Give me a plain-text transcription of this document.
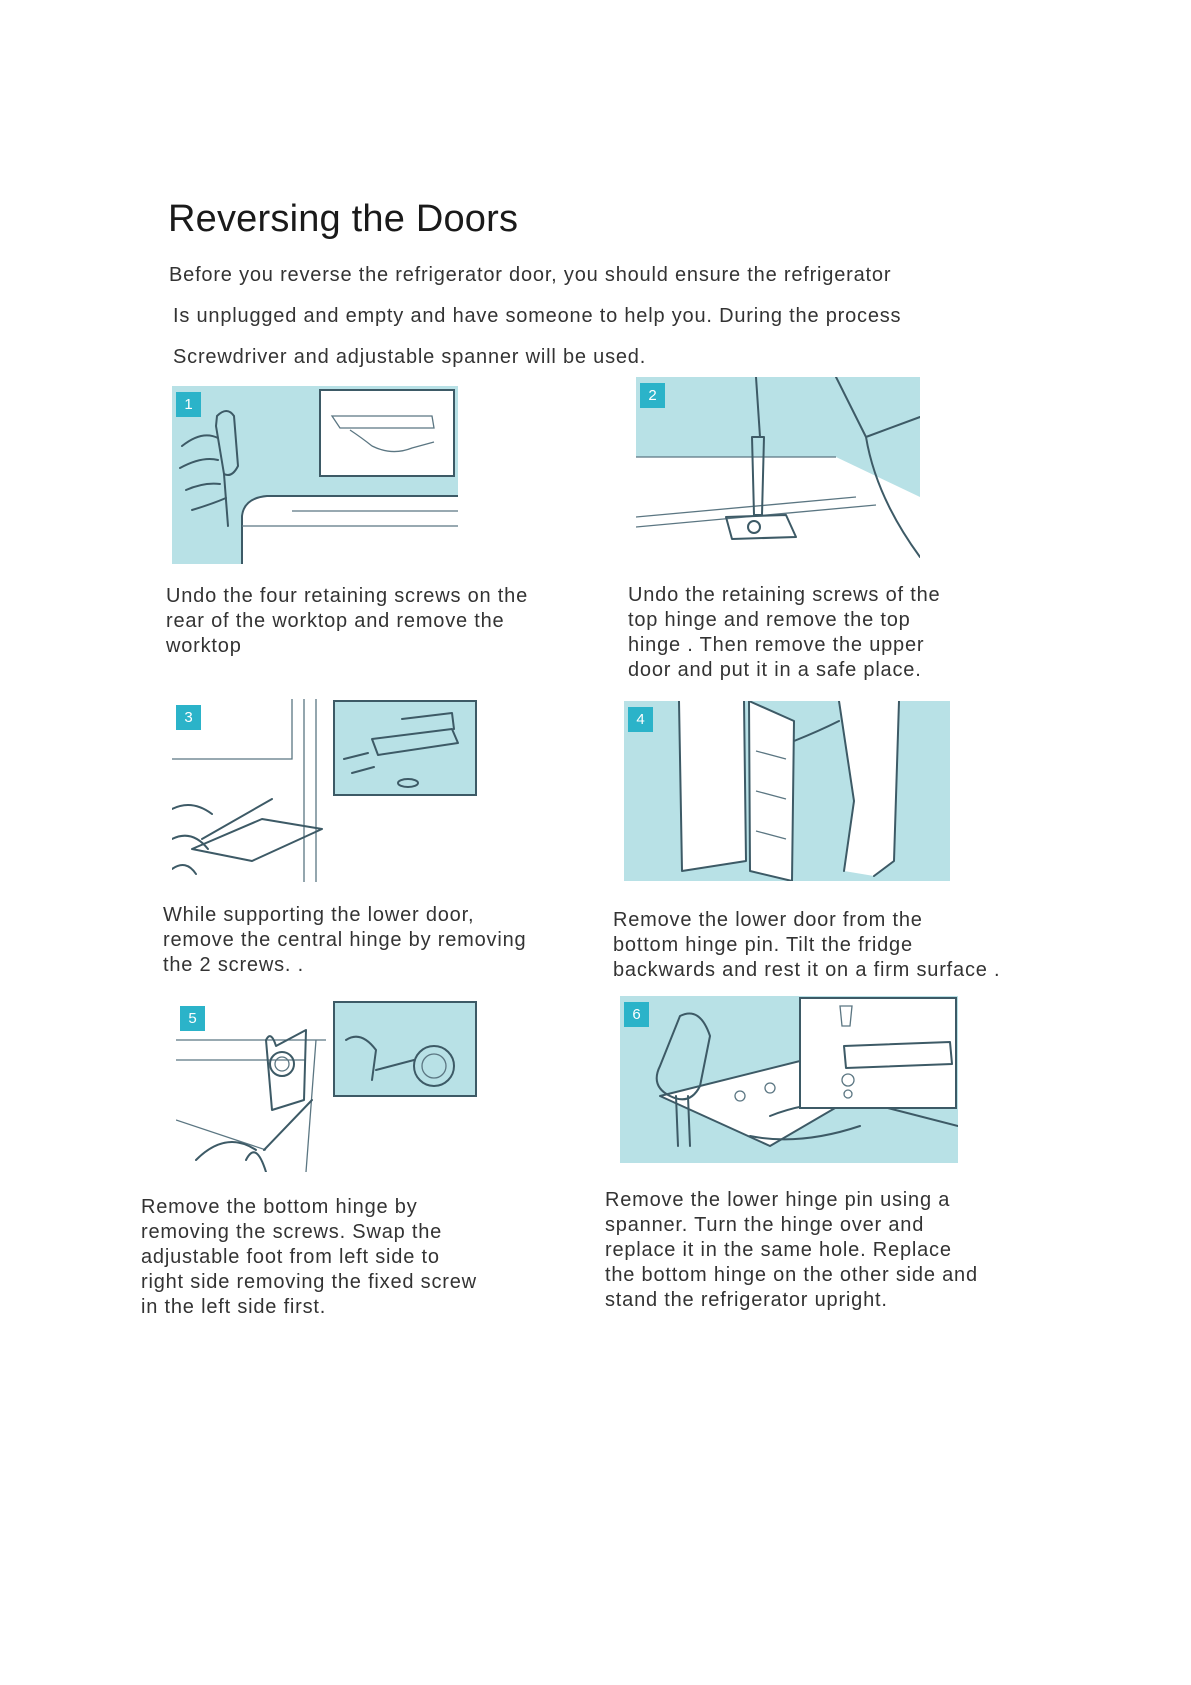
Reversing the Doors
Before you reverse the refrigerator door, you should ensure the refrigerator
Is unplugged and empty and have someone to help you. During the process
Screwdriver and adjustable spanner will be used.
1
Undo the four retaining screws on the
rear of the worktop and remove the
worktop
2
Undo the retaining screws of the
top hinge and remove the top
hinge . Then remove the upper
door and put it in a safe place.
3
While supporting the lower door,
remove the central hinge by removing
the 2 screws. .
4
Remove the lower door from the
bottom hinge pin. Tilt the fridge
backwards and rest it on a firm surface .
5
Remove the bottom hinge by
removing the screws. Swap the
adjustable foot from left side to
right side removing the fixed screw
in the left side first.
6
Remove the lower hinge pin using a
spanner. Turn the hinge over and
replace it in the same hole. Replace
the bottom hinge on the other side and
stand the refrigerator upright.
